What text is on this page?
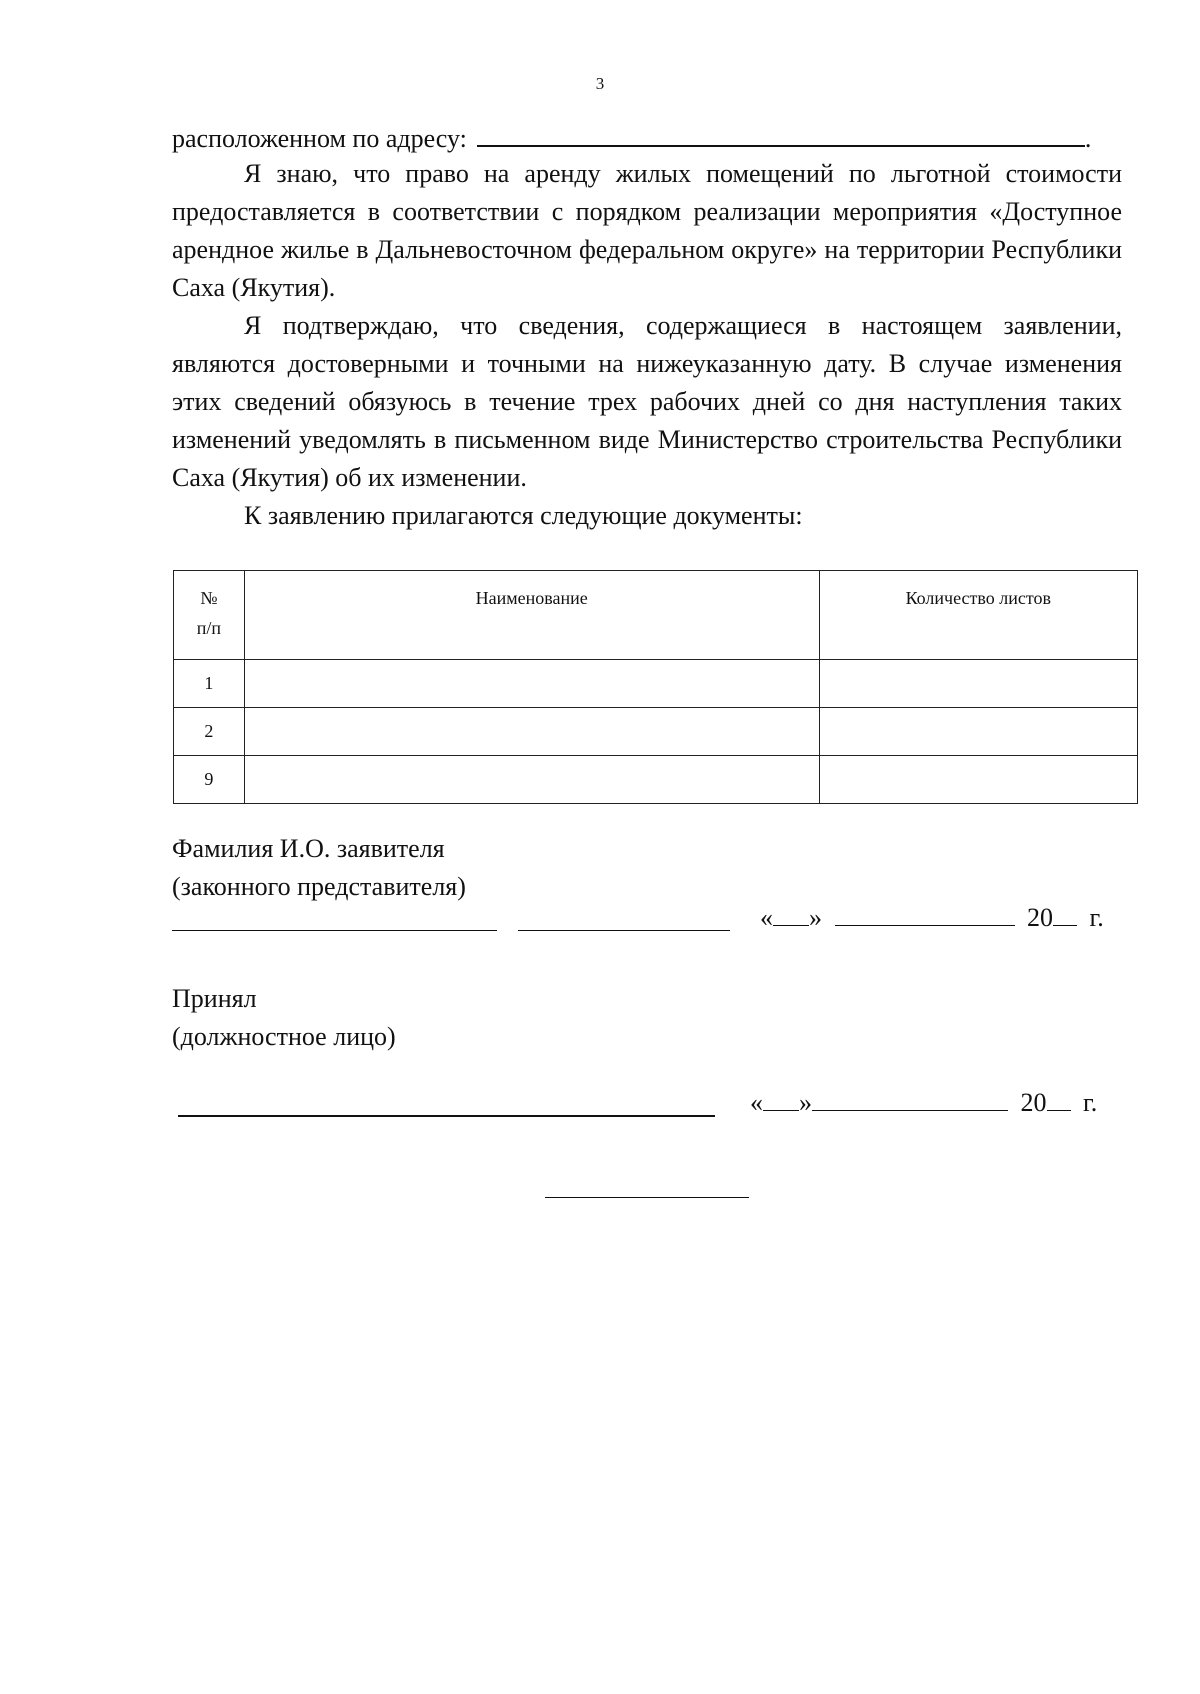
3
расположенном по адресу:	.

Я знаю, что право на аренду жилых помещений по льготной стоимости предоставляется в соответствии с порядком реализации мероприятия «Доступное арендное жилье в Дальневосточном федеральном округе» на территории Республики Саха (Якутия).

Я подтверждаю, что сведения, содержащиеся в настоящем заявлении, являются достоверными и точными на нижеуказанную дату. В случае изменения этих сведений обязуюсь в течение трех рабочих дней со дня наступления таких изменений уведомлять в письменном виде Министерство строительства Республики Саха (Якутия) об их изменении.

К заявлению прилагаются следующие документы:

№
п/п	Наименование	Количество листов
1		
2		
9		
Фамилия И.О. заявителя
(законного представителя)
« »	20 г.
Принял
(должностное лицо)
« »	20 г.
